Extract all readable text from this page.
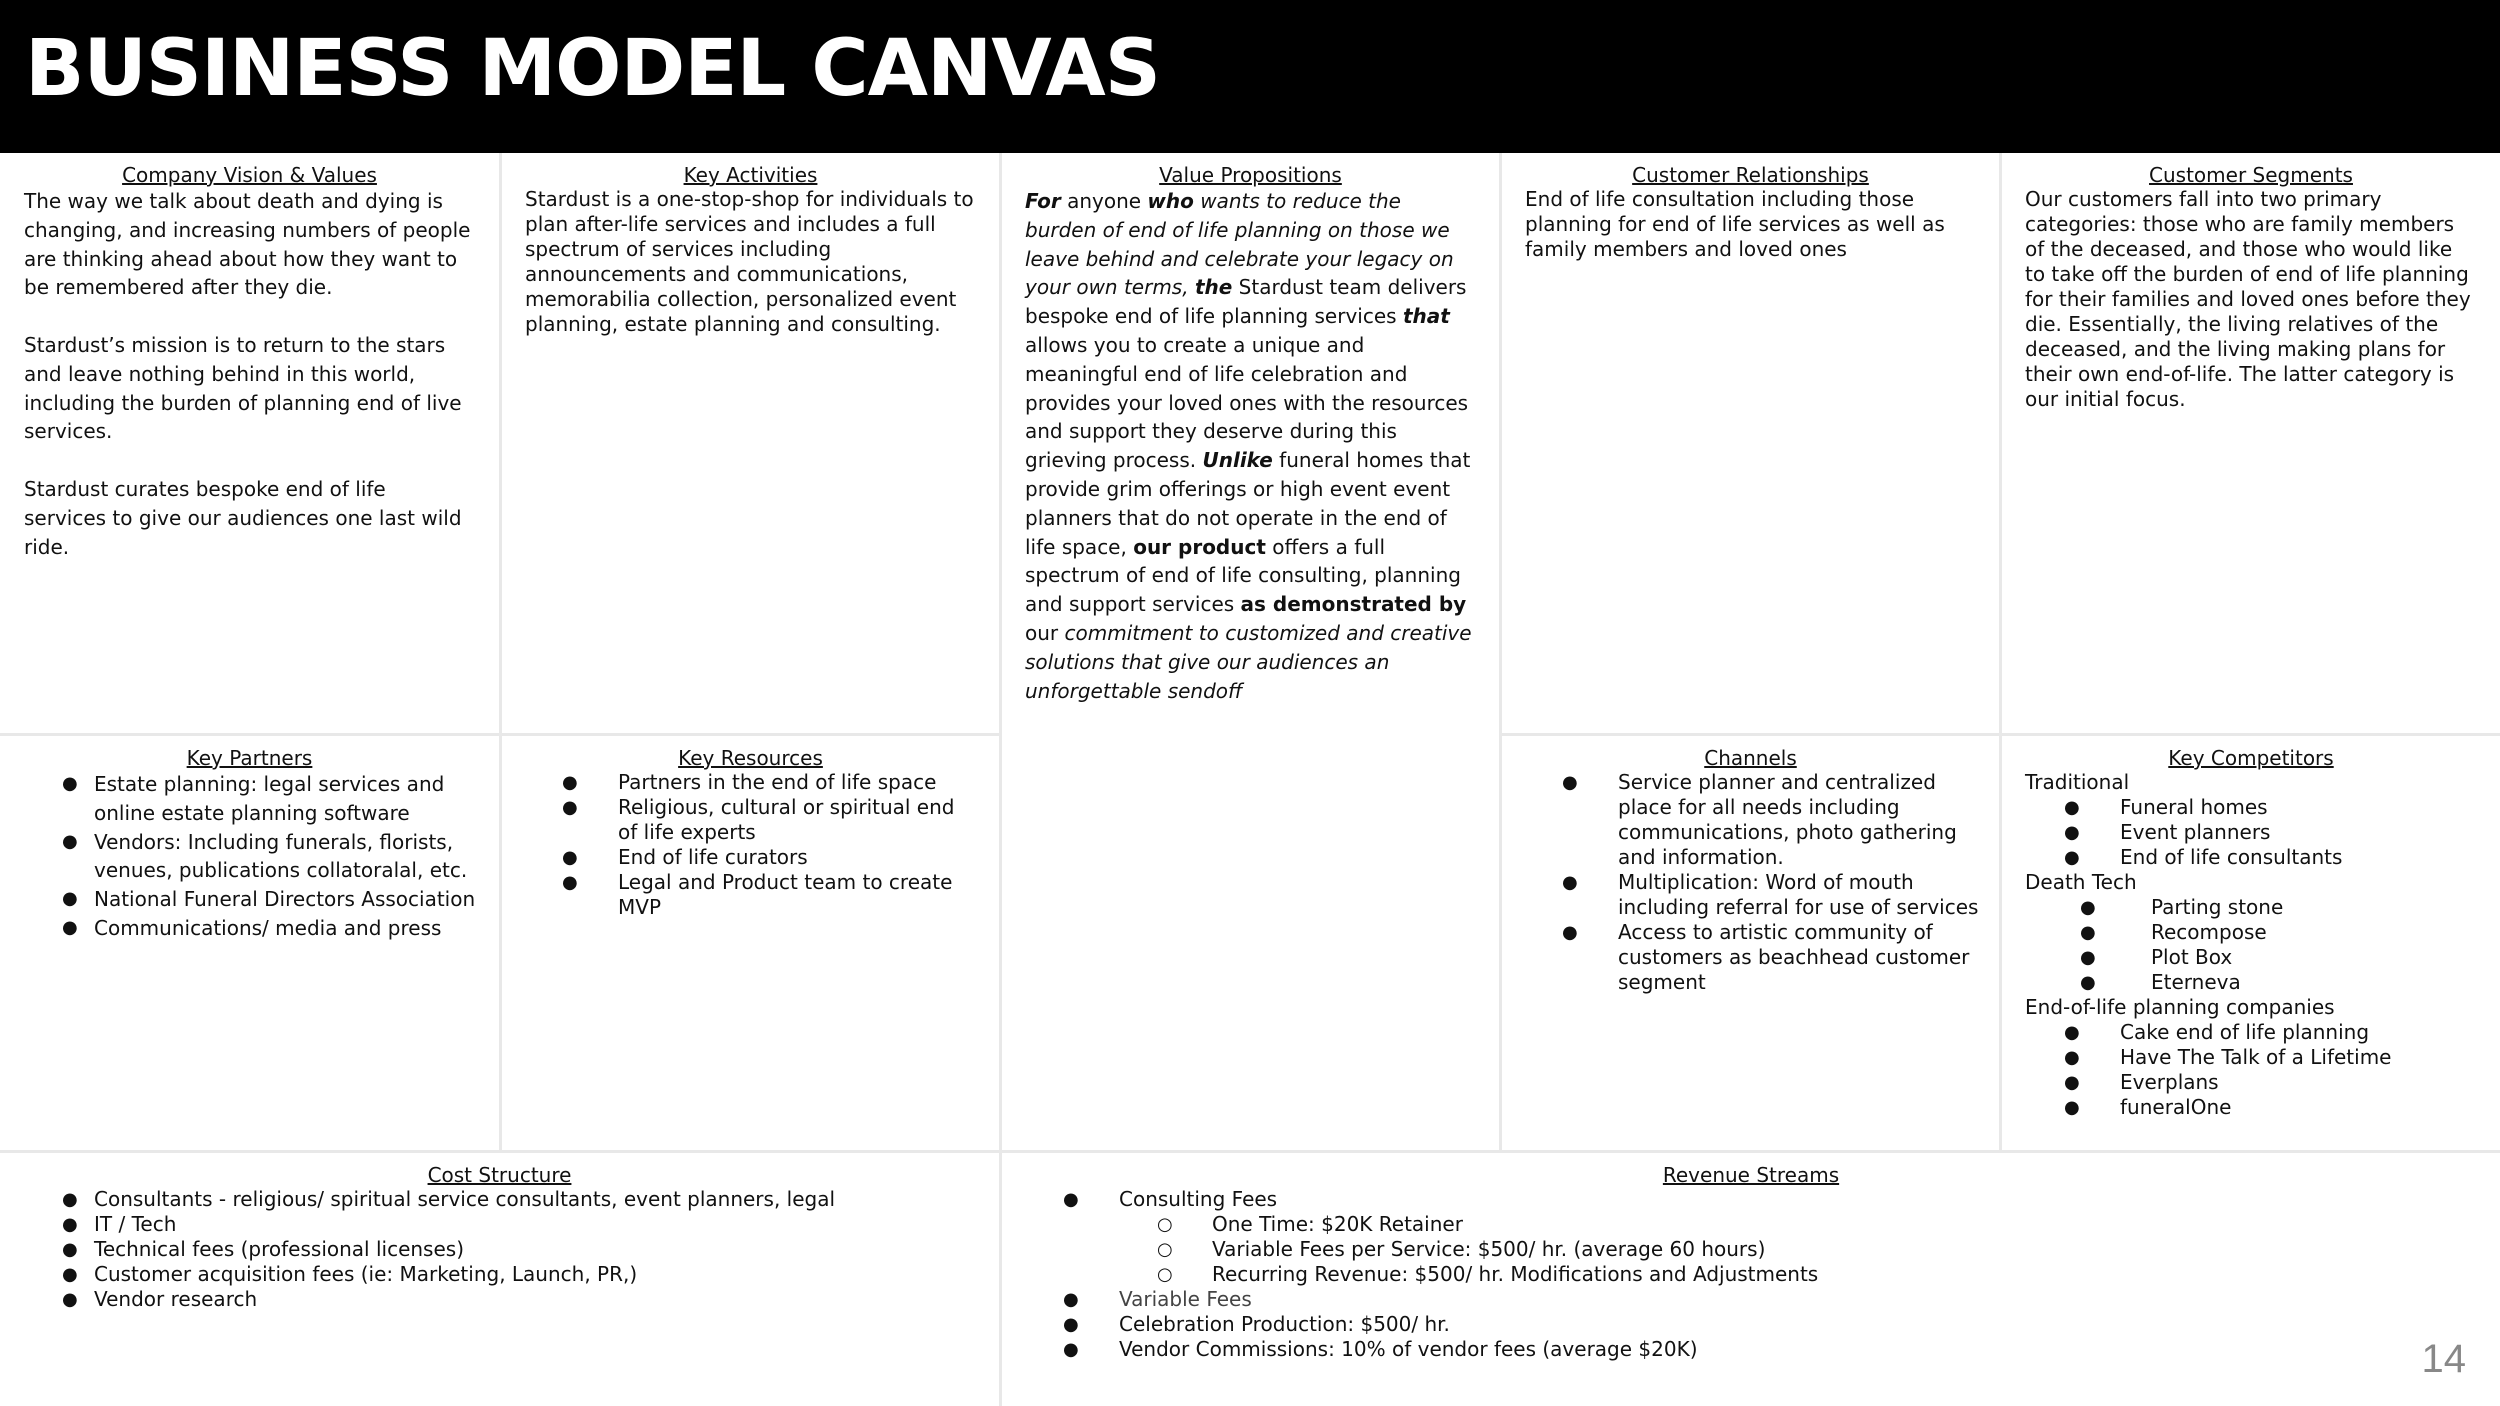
BUSINESS MODEL CANVAS
Company Vision & Values

The way we talk about death and dying is changing, and increasing numbers of people are thinking ahead about how they want to be remembered after they die.

Stardust’s mission is to return to the stars and leave nothing behind in this world, including the burden of planning end of live services.

Stardust curates bespoke end of life services to give our audiences one last wild ride.

Key Activities

Stardust is a one-stop-shop for individuals to plan after-life services and includes a full spectrum of services including announcements and communications, memorabilia collection, personalized event planning, estate planning and consulting.

Value Propositions

For anyone who wants to reduce the burden of end of life planning on those we leave behind and celebrate your legacy on your own terms, the Stardust team delivers bespoke end of life planning services that allows you to create a unique and meaningful end of life celebration and provides your loved ones with the resources and support they deserve during this grieving process. Unlike funeral homes that provide grim offerings or high event event planners that do not operate in the end of life space, our product offers a full spectrum of end of life consulting, planning and support services as demonstrated by our commitment to customized and creative solutions that give our audiences an unforgettable sendoff

Customer Relationships

End of life consultation including those planning for end of life services as well as family members and loved ones

Customer Segments

Our customers fall into two primary categories: those who are family members of the deceased, and those who would like to take off the burden of end of life planning for their families and loved ones before they die. Essentially, the living relatives of the deceased, and the living making plans for their own end-of-life. The latter category is our initial focus.

Key Partners
● Estate planning: legal services and online estate planning software
● Vendors: Including funerals, florists, venues, publications collatoralal, etc.
● National Funeral Directors Association
● Communications/ media and press
Key Resources
● Partners in the end of life space
● Religious, cultural or spiritual end of life experts
● End of life curators
● Legal and Product team to create MVP
Channels
● Service planner and centralized place for all needs including communications, photo gathering and information.
● Multiplication: Word of mouth including referral for use of services
● Access to artistic community of customers as beachhead customer segment
Key Competitors
Traditional
● Funeral homes
● Event planners
● End of life consultants
Death Tech
●	Parting stone
●	Recompose
●	Plot Box
●	Eterneva
End-of-life planning companies
● Cake end of life planning
● Have The Talk of a Lifetime
● Everplans
● funeralOne
Cost Structure
● Consultants - religious/ spiritual service consultants, event planners, legal
● IT / Tech
● Technical fees (professional licenses)
● Customer acquisition fees (ie: Marketing, Launch, PR,)
● Vendor research
Revenue Streams
● Consulting Fees
○ One Time: $20K Retainer
○ Variable Fees per Service: $500/ hr. (average 60 hours)
○ Recurring Revenue: $500/ hr. Modifications and Adjustments
● Variable Fees
● Celebration Production: $500/ hr.
● Vendor Commissions: 10% of vendor fees (average $20K)	14
